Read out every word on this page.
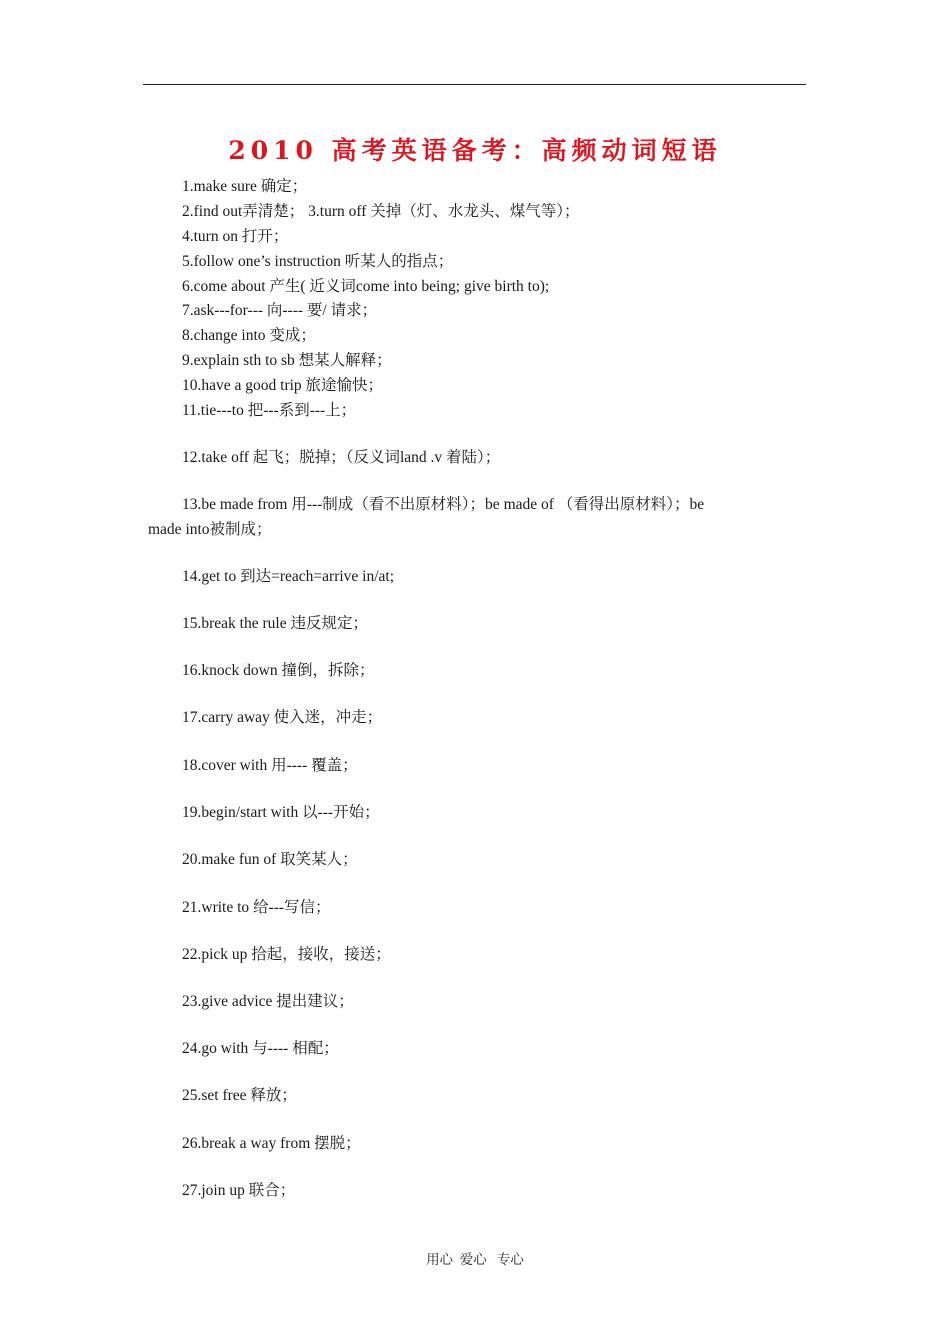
2010 高考英语备考：高频动词短语
1.make sure 确定；
2.find out弄清楚； 3.turn off 关掉（灯、水龙头、煤气等）；
4.turn on 打开；
5.follow one’s instruction 听某人的指点；
6.come about 产生( 近义词come into being; give birth to);
7.ask---for--- 向---- 要/ 请求；
8.change into 变成；
9.explain sth to sb 想某人解释；
10.have a good trip 旅途愉快；
11.tie---to 把---系到---上；
12.take off 起飞；脱掉；（反义词land .v 着陆）；
13.be made from 用---制成（看不出原材料）；be made of （看得出原材料）；be
made into被制成；
14.get to 到达=reach=arrive in/at;
15.break the rule 违反规定；
16.knock down 撞倒，拆除；
17.carry away 使入迷，冲走；
18.cover with 用---- 覆盖；
19.begin/start with 以---开始；
20.make fun of 取笑某人；
21.write to 给---写信；
22.pick up 拾起，接收，接送；
23.give advice 提出建议；
24.go with 与---- 相配；
25.set free 释放；
26.break a way from 摆脱；
27.join up 联合；
用心  爱心   专心
